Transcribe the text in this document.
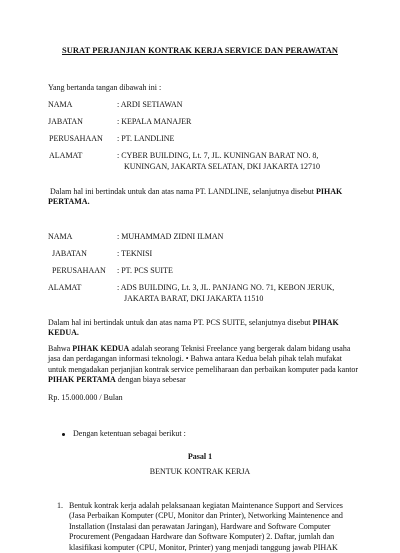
SURAT PERJANJIAN KONTRAK KERJA SERVICE DAN PERAWATAN
Yang bertanda tangan dibawah ini :
NAMA	: ARDI SETIAWAN
JABATAN	: KEPALA MANAJER
PERUSAHAAN : PT. LANDLINE
ALAMAT	: CYBER BUILDING, Lt. 7, JL. KUNINGAN BARAT NO. 8,
KUNINGAN, JAKARTA SELATAN, DKI JAKARTA 12710
Dalam hal ini bertindak untuk dan atas nama PT. LANDLINE, selanjutnya disebut PIHAK
PERTAMA.
NAMA	: MUHAMMAD ZIDNI ILMAN
JABATAN	: TEKNISI
PERUSAHAAN : PT. PCS SUITE
ALAMAT	: ADS BUILDING, Lt. 3, JL. PANJANG NO. 71, KEBON JERUK,
JAKARTA BARAT, DKI JAKARTA 11510
Dalam hal ini bertindak untuk dan atas nama PT. PCS SUITE, selanjutnya disebut PIHAK
KEDUA.
Bahwa PIHAK KEDUA adalah seorang Teknisi Freelance yang bergerak dalam bidang usaha
jasa dan perdagangan informasi teknologi. • Bahwa antara Kedua belah pihak telah mufakat
untuk mengadakan perjanjian kontrak service pemeliharaan dan perbaikan komputer pada kantor
PIHAK PERTAMA dengan biaya sebesar
Rp. 15.000.000 / Bulan
Dengan ketentuan sebagai berikut :
Pasal 1
BENTUK KONTRAK KERJA
1. Bentuk kontrak kerja adalah pelaksanaan kegiatan Maintenance Support and Services
(Jasa Perbaikan Komputer (CPU, Monitor dan Printer), Networking Maintenence and
Installation (Instalasi dan perawatan Jaringan), Hardware and Software Computer
Procurement (Pengadaan Hardware dan Software Komputer) 2. Daftar, jumlah dan
klasifikasi komputer (CPU, Monitor, Printer) yang menjadi tanggung jawab PIHAK
